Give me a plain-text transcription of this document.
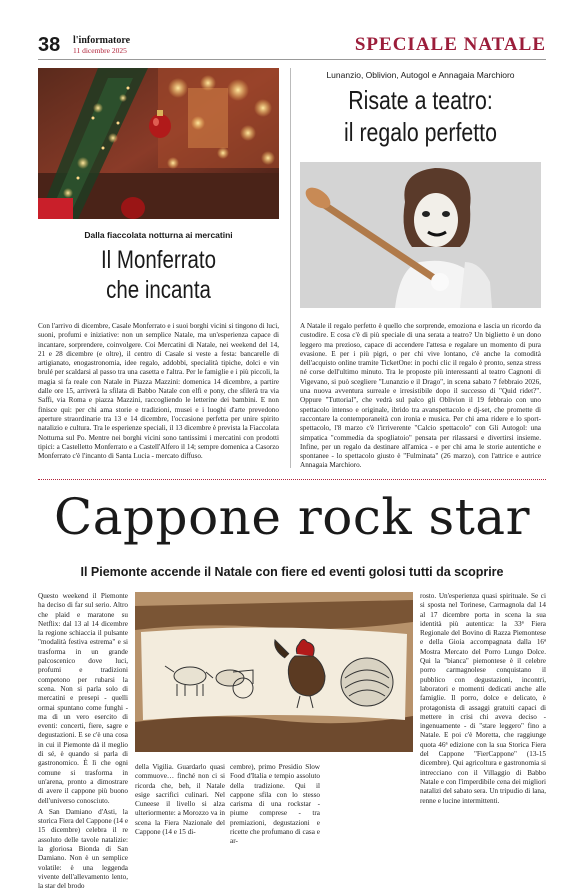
38 l'informatore
11 dicembre 2025	SPECIALE NATALE
Dalla fiaccolata notturna ai mercatini
Il Monferrato
che incanta
Con l'arrivo di dicembre, Casale Monferrato e i suoi borghi vicini si tingono di luci, suoni, profumi e iniziative: non un semplice Natale, ma un'esperienza capace di incantare, sorprendere, coinvolgere. Coi Mercatini di Natale, nei weekend del 14, 21 e 28 dicembre (e oltre), il centro di Casale si veste a festa: bancarelle di artigianato, enogastronomia, idee regalo, addobbi, specialità tipiche, dolci e vin brulé per scaldarsi al passo tra una casetta e l'altra. Per le famiglie e i più piccoli, la magia si fa reale con Natale in Piazza Mazzini: domenica 14 dicembre, a partire dalle ore 15, arriverà la sfilata di Babbo Natale con elfi e pony, che sfilerà tra via Saffi, via Roma e piazza Mazzini, raccogliendo le letterine dei bambini. E non finisce qui: per chi ama storie e tradizioni, musei e i luoghi d'arte prevedono aperture straordinarie tra 13 e 14 dicembre, l'occasione perfetta per unire spirito natalizio e cultura. Tra le esperienze speciali, il 13 dicembre è prevista la Fiaccolata Notturna sul Po. Mentre nei borghi vicini sono tantissimi i mercatini con prodotti tipici: a Castelletto Monferrato e a Castell'Alfero il 14; sempre domenica a Casorzo Monferrato c'è l'incanto di Santa Lucia - mercato diffuso.
Lunanzio, Oblivion, Autogol e Annagaia Marchioro
Risate a teatro:
il regalo perfetto
A Natale il regalo perfetto è quello che sorprende, emoziona e lascia un ricordo da custodire. E cosa c'è di più speciale di una serata a teatro? Un biglietto è un dono leggero ma prezioso, capace di accendere l'attesa e regalare un momento di pura evasione. E per i più pigri, o per chi vive lontano, c'è anche la comodità dell'acquisto online tramite TicketOne: in pochi clic il regalo è pronto, senza stress né corse dell'ultimo minuto. Tra le proposte più interessanti al teatro Cagnoni di Vigevano, si può scegliere "Lunanzio e il Drago", in scena sabato 7 febbraio 2026, una nuova avventura surreale e irresistibile dopo il successo di "Quid ridet?". Oppure "Tuttorial", che vedrà sul palco gli Oblivion il 19 febbraio con uno spettacolo intenso e originale, ibrido tra avanspettacolo e dj-set, che promette di raccontare la contemporaneità con ironia e musica. Per chi ama ridere e lo sport-spettacolo, l'8 marzo c'è l'irriverente "Calcio spettacolo" con Gli Autogol: una simpatica "commedia da spogliatoio" pensata per rilassarsi e divertirsi insieme. Infine, per un regalo da destinare all'amica - e per chi ama le storie autentiche e spontanee - lo spettacolo giusto è "Fulminata" (26 marzo), con l'attrice e autrice Annagaia Marchioro.
Cappone rock star
Il Piemonte accende il Natale con fiere ed eventi golosi tutti da scoprire
Questo weekend il Piemonte ha deciso di far sul serio. Altro che plaid e maratone su Netflix: dal 13 al 14 dicembre la regione schiaccia il pulsante "modalità festiva estrema" e si trasforma in un grande palcoscenico dove luci, profumi e tradizioni competono per rubarsi la scena. Non si parla solo di mercatini e presepi - quelli ormai spuntano come funghi - ma di un vero esercito di eventi: concerti, fiere, sagre e degustazioni. E se c'è una cosa in cui il Piemonte dà il meglio di sé, è quando si parla di gastronomico. È lì che ogni comune si trasforma in un'arena, pronto a dimostrare di avere il cappone più buono dell'universo conosciuto.
A San Damiano d'Asti, la storica Fiera del Cappone (14 e 15 dicembre) celebra il re assoluto delle tavole natalizie: la gloriosa Bionda di San Damiano. Non è un semplice volatile: è una leggenda vivente dell'allevamento lento, la star del brodo
della Vigilia. Guardarlo quasi commuove… finché non ci si ricorda che, beh, il Natale esige sacrifici culinari. Nel Cuneese il livello si alza ulteriormente: a Morozzo va in scena la Fiera Nazionale del Cappone (14 e 15 di-
cembre), primo Presidio Slow Food d'Italia e tempio assoluto della tradizione. Qui il cappone sfila con lo stesso carisma di una rockstar - piume comprese - tra premiazioni, degustazioni e ricette che profumano di casa e ar-
rosto. Un'esperienza quasi spirituale. Se ci si sposta nel Torinese, Carmagnola dal 14 al 17 dicembre porta in scena la sua identità più autentica: la 33ª Fiera Regionale del Bovino di Razza Piemontese e della Gioia accompagnata dalla 16ª Mostra Mercato del Porro Lungo Dolce. Qui la "bianca" piemontese è il celebre porro carmagnolese conquistano il pubblico con degustazioni, incontri, laboratori e momenti dedicati anche alle famiglie. Il porro, dolce e delicato, è protagonista di assaggi gratuiti capaci di mettere in crisi chi aveva deciso - ingenuamente - di "stare leggero" fino a Natale. E poi c'è Moretta, che raggiunge quota 46ª edizione con la sua Storica Fiera del Cappone "FierCappone" (13-15 dicembre). Qui agricoltura e gastronomia si intrecciano con il Villaggio di Babbo Natale e con l'imperdibile cena dei migliori natalizi del sabato sera. Un tripudio di lana, renne e lucine intermittenti.
